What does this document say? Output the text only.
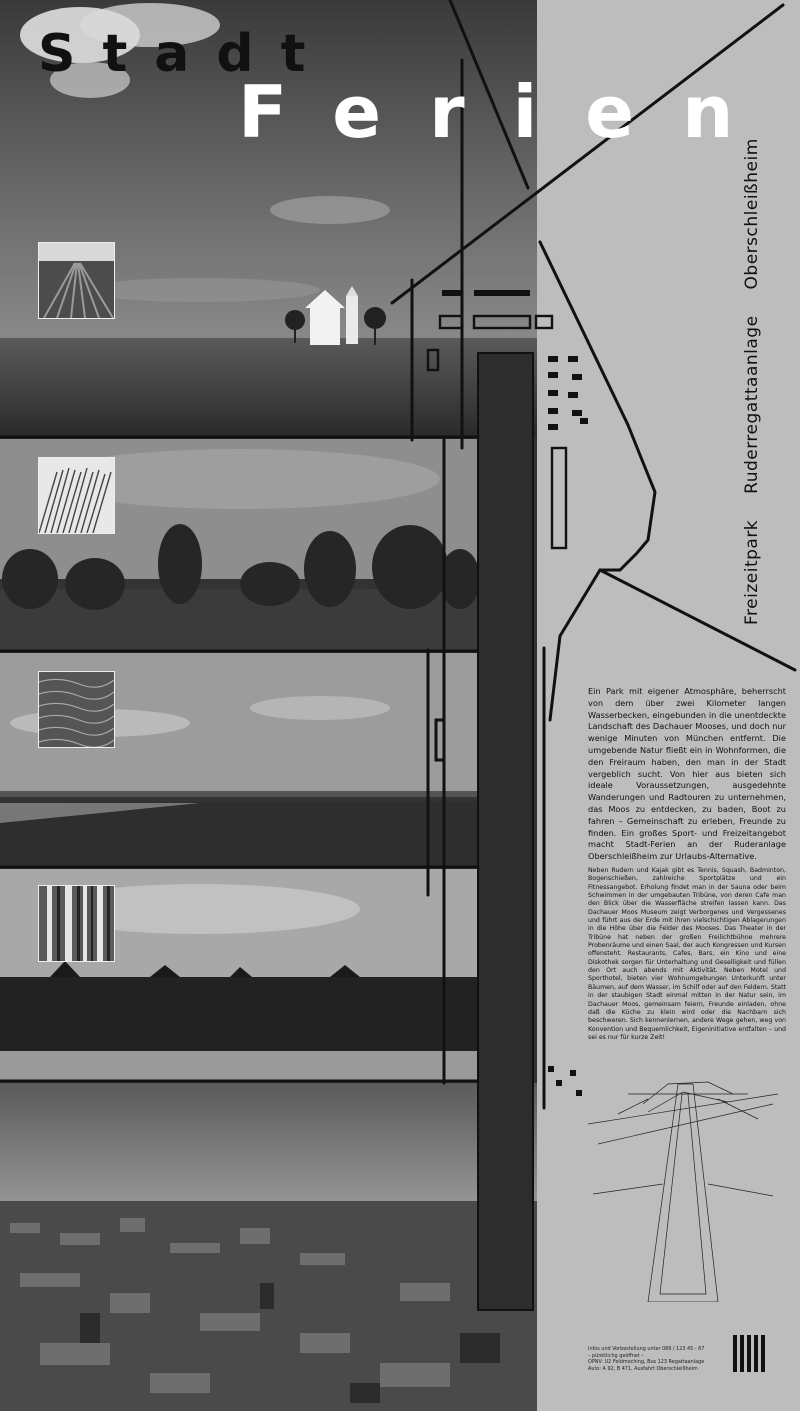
Stadt
Ferien
FreizeitparkRuderregattaanlageOberschleißheim
Ein Park mit eigener Atmosphäre, beherrscht von dem über zwei Kilometer langen Wasserbecken, eingebunden in die unentdeckte Landschaft des Dachauer Mooses, und doch nur wenige Minuten von München entfernt. Die umgebende Natur fließt ein in Wohnformen, die den Freiraum haben, den man in der Stadt vergeblich sucht. Von hier aus bieten sich ideale Voraussetzungen, ausgedehnte Wanderungen und Radtouren zu unternehmen, das Moos zu entdecken, zu baden, Boot zu fahren – Gemeinschaft zu erleben, Freunde zu finden. Ein großes Sport- und Freizeitangebot macht Stadt-Ferien an der Ruderanlage Oberschleißheim zur Urlaubs-Alternative.
Neben Rudern und Kajak gibt es Tennis, Squash, Badminton, Bogenschießen, zahlreiche Sportplätze und ein Fitnessangebot. Erholung findet man in der Sauna oder beim Schwimmen in der umgebauten Tribüne, von deren Cafe man den Blick über die Wasserfläche streifen lassen kann. Das Dachauer Moos Museum zeigt Verborgenes und Vergessenes und führt aus der Erde mit ihren vielschichtigen Ablagerungen in die Höhe über die Felder des Mooses. Das Theater in der Tribüne hat neben der großen Freilichtbühne mehrere Probenräume und einen Saal, der auch Kongressen und Kursen offensteht. Restaurants, Cafes, Bars, ein Kino und eine Diskothek sorgen für Unterhaltung und Geselligkeit und füllen den Ort auch abends mit Aktivität. Neben Motel und Sporthotel, bieten vier Wohnumgebungen Unterkunft unter Bäumen, auf dem Wasser, im Schilf oder auf den Feldern. Statt in der staubigen Stadt einmal mitten in der Natur sein, im Dachauer Moos, gemeinsam feiern, Freunde einladen, ohne daß die Küche zu klein wird oder die Nachbarn sich beschweren. Sich kennenlernen, andere Wege gehen, weg von Konvention und Bequemlichkeit, Eigeninitiative entfalten – und sei es nur für kurze Zeit!
Infos und Vorbestellung unter 089 / 123 45 - 67
– pünktlichg geöffnet –
OPNV: U2 Feldmoching, Bus 123 Regattaanlage
Auto: A 92, B 471, Ausfahrt Oberschleißheim
